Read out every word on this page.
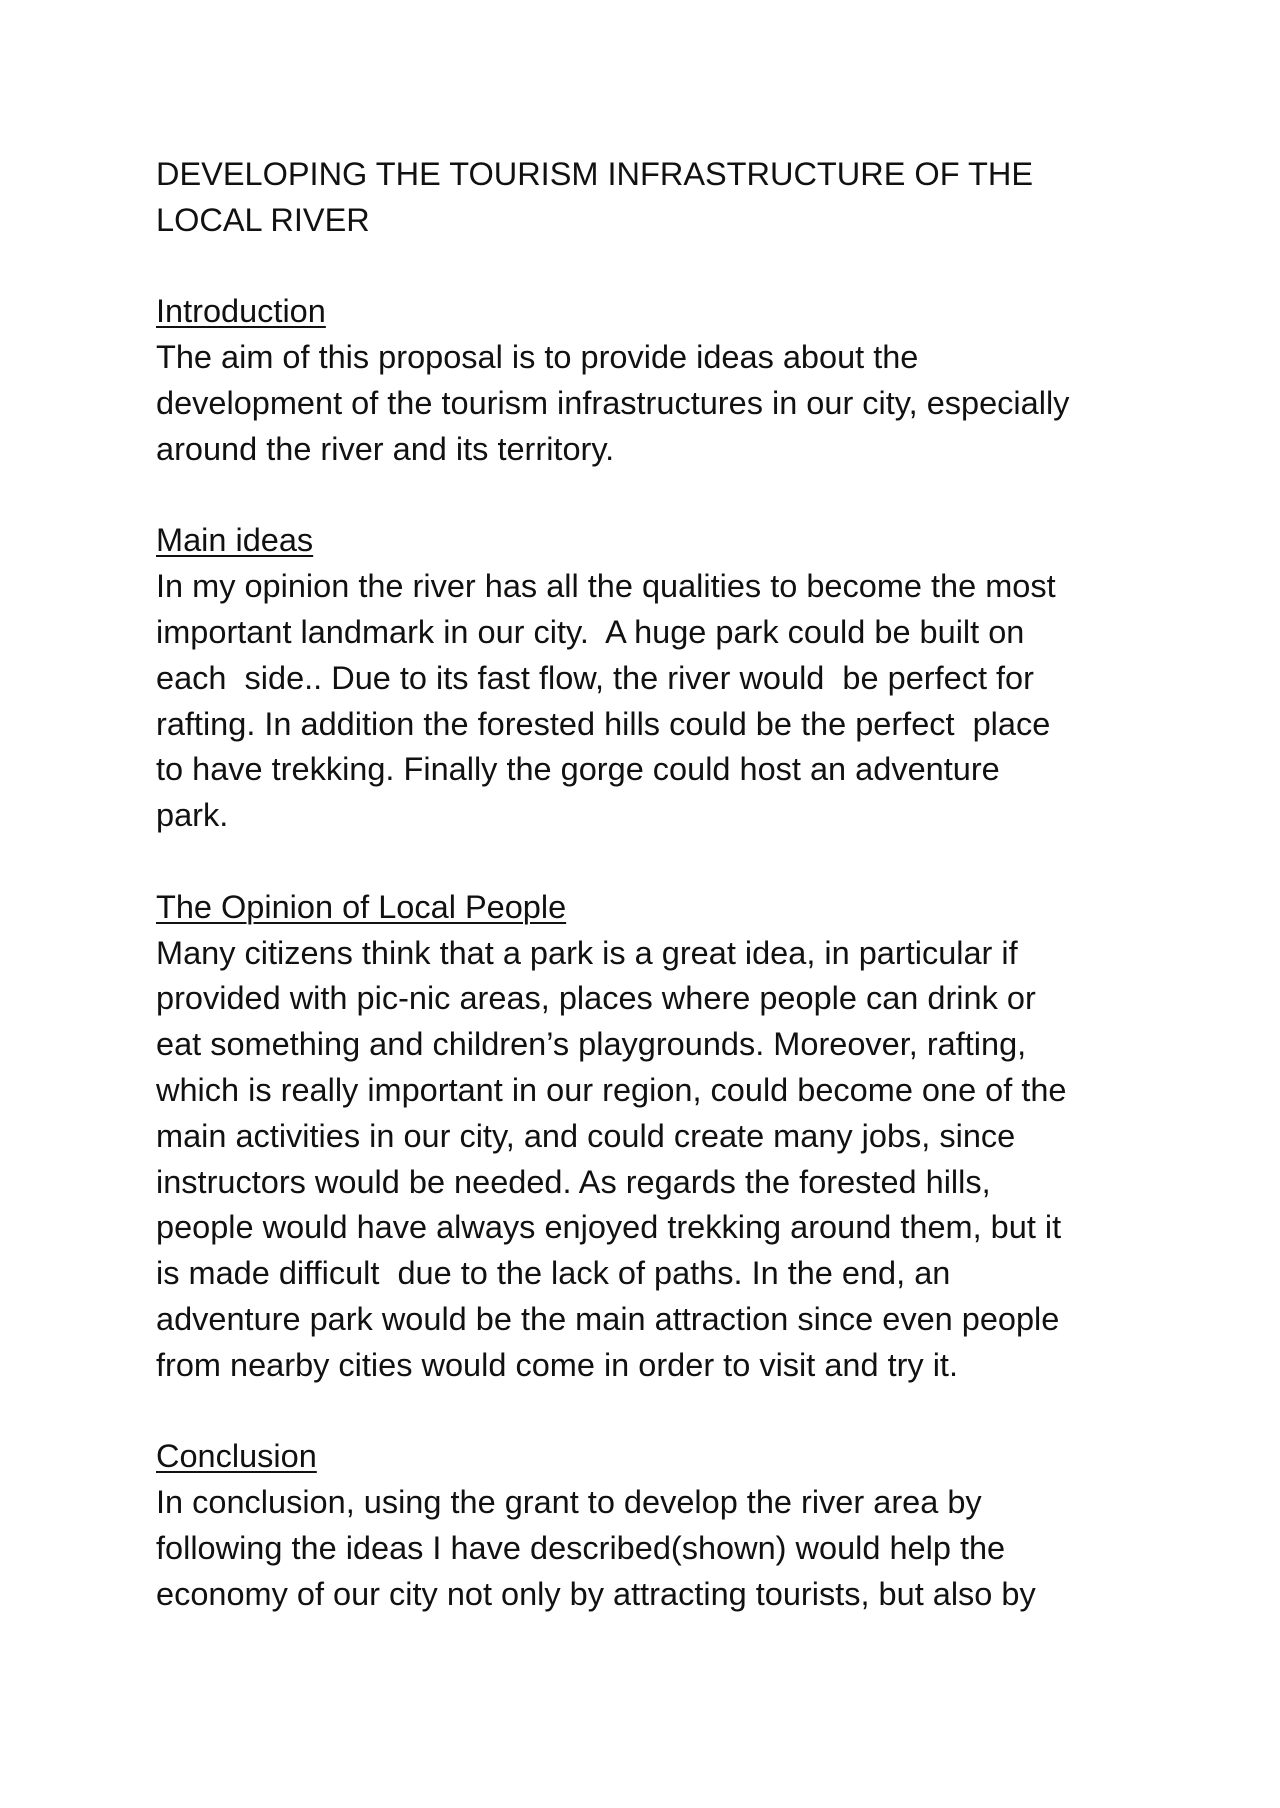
DEVELOPING THE TOURISM INFRASTRUCTURE OF THE
LOCAL RIVER
Introduction
The aim of this proposal is to provide ideas about the
development of the tourism infrastructures in our city, especially
around the river and its territory.
Main ideas
In my opinion the river has all the qualities to become the most
important landmark in our city.  A huge park could be built on
each  side.. Due to its fast flow, the river would  be perfect for
rafting. In addition the forested hills could be the perfect  place
to have trekking. Finally the gorge could host an adventure
park.
The Opinion of Local People
Many citizens think that a park is a great idea, in particular if
provided with pic-nic areas, places where people can drink or
eat something and children’s playgrounds. Moreover, rafting,
which is really important in our region, could become one of the
main activities in our city, and could create many jobs, since
instructors would be needed. As regards the forested hills,
people would have always enjoyed trekking around them, but it
is made difficult  due to the lack of paths. In the end, an
adventure park would be the main attraction since even people
from nearby cities would come in order to visit and try it.
Conclusion
In conclusion, using the grant to develop the river area by
following the ideas I have described(shown) would help the
economy of our city not only by attracting tourists, but also by
